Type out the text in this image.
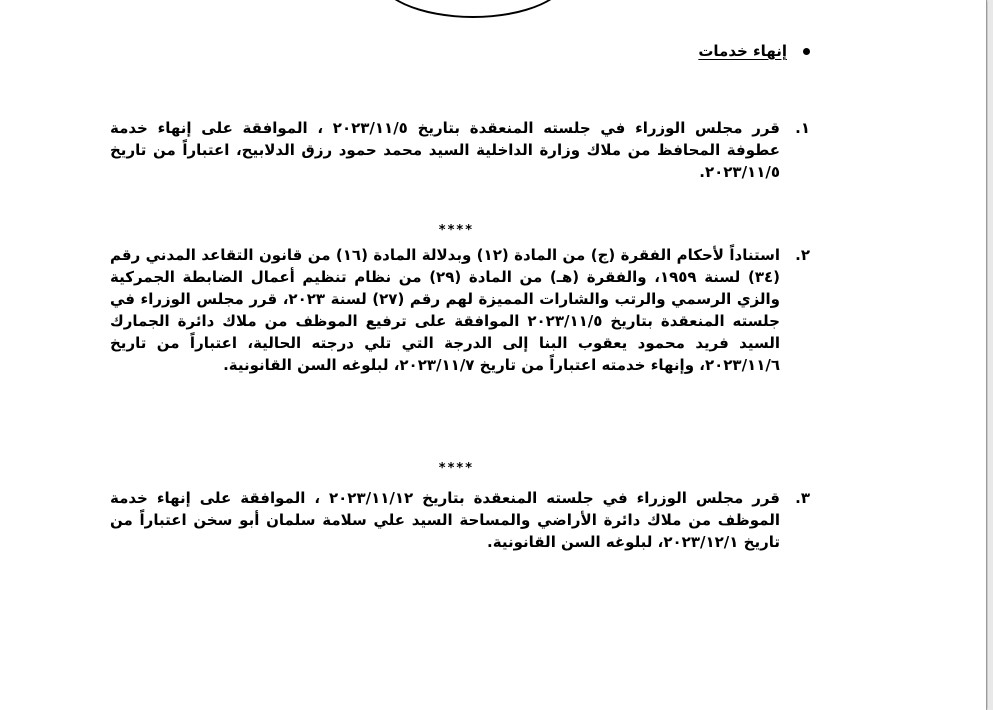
إنهاء خدمات
١.
قرر مجلس الوزراء في جلسته المنعقدة بتاريخ ٢٠٢٣/١١/٥ ، الموافقة على إنهاء خدمة عطوفة المحافظ من ملاك وزارة الداخلية السيد محمد حمود رزق الدلابيح، اعتباراً من تاريخ ٢٠٢٣/١١/٥.
****
٢.
استناداً لأحكام الفقرة (ج) من المادة (١٢) وبدلالة المادة (١٦) من قانون التقاعد المدني رقم (٣٤) لسنة ١٩٥٩، والفقرة (هـ) من المادة (٢٩) من نظام تنظيم أعمال الضابطة الجمركية والزي الرسمي والرتب والشارات المميزة لهم رقم (٢٧) لسنة ٢٠٢٣، قرر مجلس الوزراء في جلسته المنعقدة بتاريخ ٢٠٢٣/١١/٥ الموافقة على ترفيع الموظف من ملاك دائرة الجمارك السيد فريد محمود يعقوب البنا إلى الدرجة التي تلي درجته الحالية، اعتباراً من تاريخ ٢٠٢٣/١١/٦، وإنهاء خدمته اعتباراً من تاريخ ٢٠٢٣/١١/٧، لبلوغه السن القانونية.
****
٣.
قرر مجلس الوزراء في جلسته المنعقدة بتاريخ ٢٠٢٣/١١/١٢ ، الموافقة على إنهاء خدمة الموظف من ملاك دائرة الأراضي والمساحة السيد علي سلامة سلمان أبو سخن اعتباراً من تاريخ ٢٠٢٣/١٢/١، لبلوغه السن القانونية.
